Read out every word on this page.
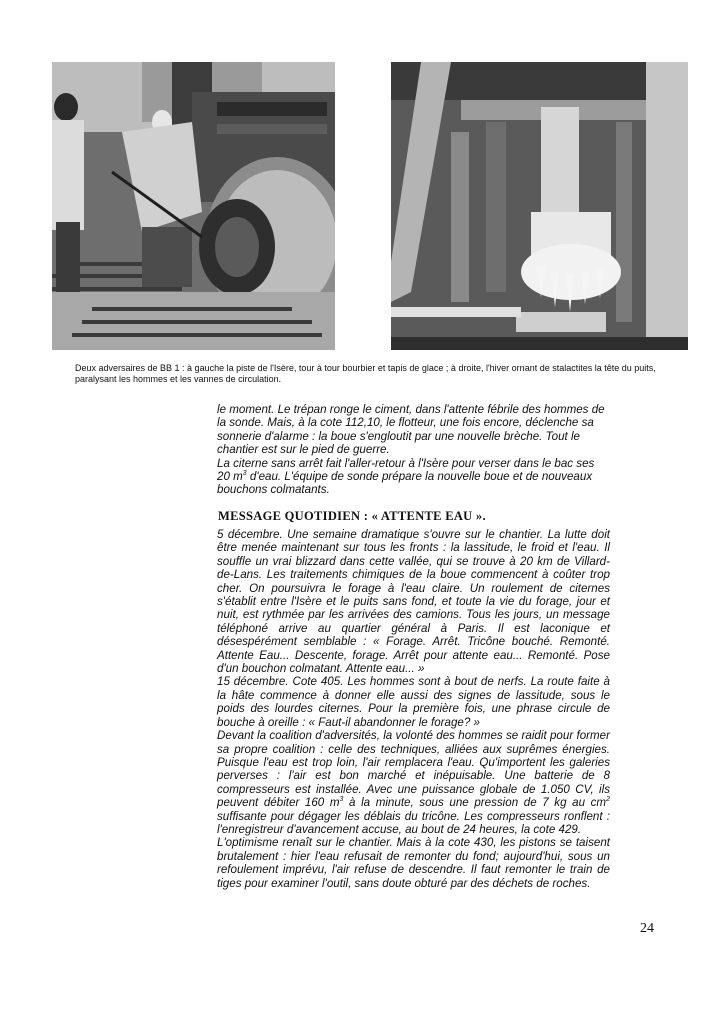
Deux adversaires de BB 1 : à gauche la piste de l'Isère, tour à tour bourbier et tapis de glace ; à droite, l'hiver ornant de stalactites la tête du puits, paralysant les hommes et les vannes de circulation.

le moment. Le trépan ronge le ciment, dans l'attente fébrile des hommes de la sonde. Mais, à la cote 112,10, le flotteur, une fois encore, déclenche sa sonnerie d'alarme : la boue s'engloutit par une nouvelle brèche. Tout le chantier est sur le pied de guerre.

La citerne sans arrêt fait l'aller-retour à l'Isère pour verser dans le bac ses 20 $m^3$ d'eau. L'équipe de sonde prépare la nouvelle boue et de nouveaux bouchons colmatants.

MESSAGE QUOTIDIEN : « ATTENTE EAU ».

5 décembre. Une semaine dramatique s'ouvre sur le chantier. La lutte doit être menée maintenant sur tous les fronts : la lassitude, le froid et l'eau. Il souffle un vrai blizzard dans cette vallée, qui se trouve à 20 km de Villard-de-Lans. Les traitements chimiques de la boue commencent à coûter trop cher. On poursuivra le forage à l'eau claire. Un roulement de citernes s'établit entre l'Isère et le puits sans fond, et toute la vie du forage, jour et nuit, est rythmée par les arrivées des camions. Tous les jours, un message téléphoné arrive au quartier général à Paris. Il est laconique et désespérément semblable : « Forage. Arrêt. Tricône bouché. Remonté. Attente Eau... Descente, forage. Arrêt pour attente eau... Remonté. Pose d'un bouchon colmatant. Attente eau... »

15 décembre. Cote 405. Les hommes sont à bout de nerfs. La route faite à la hâte commence à donner elle aussi des signes de lassitude, sous le poids des lourdes citernes. Pour la première fois, une phrase circule de bouche à oreille : « Faut-il abandonner le forage? »

Devant la coalition d'adversités, la volonté des hommes se raidit pour former sa propre coalition : celle des techniques, alliées aux suprêmes énergies. Puisque l'eau est trop loin, l'air remplacera l'eau. Qu'importent les galeries perverses : l'air est bon marché et inépuisable. Une batterie de 8 compresseurs est installée. Avec une puissance globale de 1.050 CV, ils peuvent débiter 160 $m^3$ à la minute, sous une pression de 7 kg au $cm^2$ suffisante pour dégager les déblais du tricône. Les compresseurs ronflent : l'enregistreur d'avancement accuse, au bout de 24 heures, la cote 429.

L'optimisme renaît sur le chantier. Mais à la cote 430, les pistons se taisent brutalement : hier l'eau refusait de remonter du fond; aujourd'hui, sous un refoulement imprévu, l'air refuse de descendre. Il faut remonter le train de tiges pour examiner l'outil, sans doute obturé par des déchets de roches.

24
